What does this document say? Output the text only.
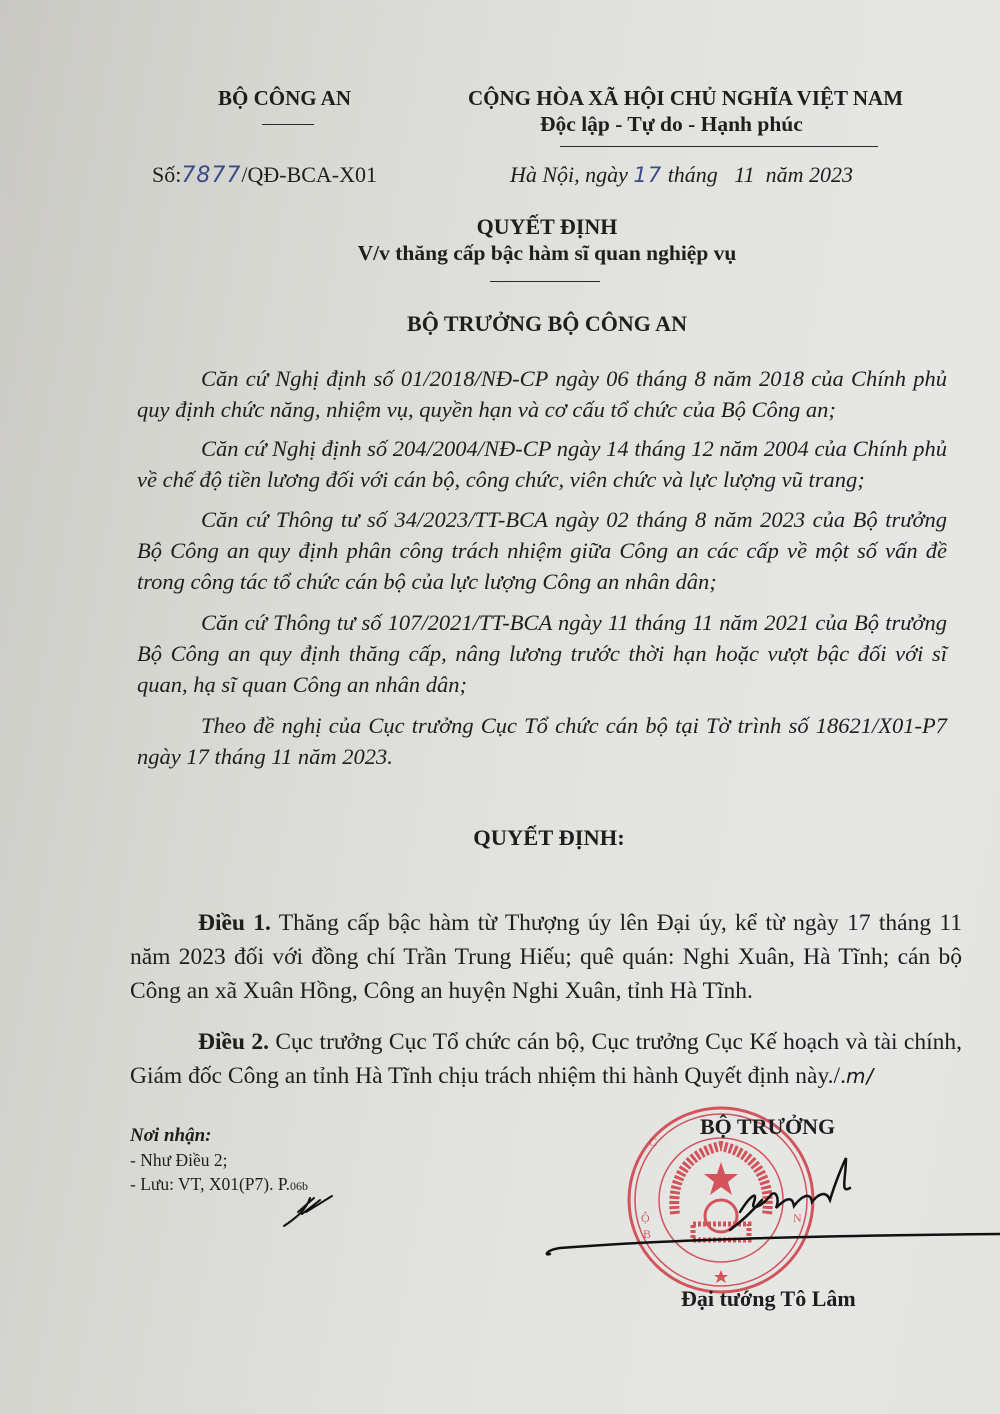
BỘ CÔNG AN	CỘNG HÒA XÃ HỘI CHỦ NGHĨA VIỆT NAM
Độc lập - Tự do - Hạnh phúc
Số:7877/QĐ-BCA-X01	Hà Nội, ngày 17 tháng   11  năm 2023
QUYẾT ĐỊNH
V/v thăng cấp bậc hàm sĩ quan nghiệp vụ
BỘ TRƯỞNG BỘ CÔNG AN
Căn cứ Nghị định số 01/2018/NĐ-CP ngày 06 tháng 8 năm 2018 của Chính phủ quy định chức năng, nhiệm vụ, quyền hạn và cơ cấu tổ chức của Bộ Công an;
Căn cứ Nghị định số 204/2004/NĐ-CP ngày 14 tháng 12 năm 2004 của Chính phủ về chế độ tiền lương đối với cán bộ, công chức, viên chức và lực lượng vũ trang;
Căn cứ Thông tư số 34/2023/TT-BCA ngày 02 tháng 8 năm 2023 của Bộ trưởng Bộ Công an quy định phân công trách nhiệm giữa Công an các cấp về một số vấn đề trong công tác tổ chức cán bộ của lực lượng Công an nhân dân;
Căn cứ Thông tư số 107/2021/TT-BCA ngày 11 tháng 11 năm 2021 của Bộ trưởng Bộ Công an quy định thăng cấp, nâng lương trước thời hạn hoặc vượt bậc đối với sĩ quan, hạ sĩ quan Công an nhân dân;
Theo đề nghị của Cục trưởng Cục Tổ chức cán bộ tại Tờ trình số 18621/X01-P7 ngày 17 tháng 11 năm 2023.
QUYẾT ĐỊNH:
Điều 1. Thăng cấp bậc hàm từ Thượng úy lên Đại úy, kể từ ngày 17 tháng 11 năm 2023 đối với đồng chí Trần Trung Hiếu; quê quán: Nghi Xuân, Hà Tĩnh; cán bộ Công an xã Xuân Hồng, Công an huyện Nghi Xuân, tỉnh Hà Tĩnh.
Điều 2. Cục trưởng Cục Tổ chức cán bộ, Cục trưởng Cục Kế hoạch và tài chính, Giám đốc Công an tỉnh Hà Tĩnh chịu trách nhiệm thi hành Quyết định này./.m/
Nơi nhận:
- Như Điều 2;
- Lưu: VT, X01(P7). P.06b
C
Ộ
B
N
BỘ TRƯỞNG
Đại tướng Tô Lâm
